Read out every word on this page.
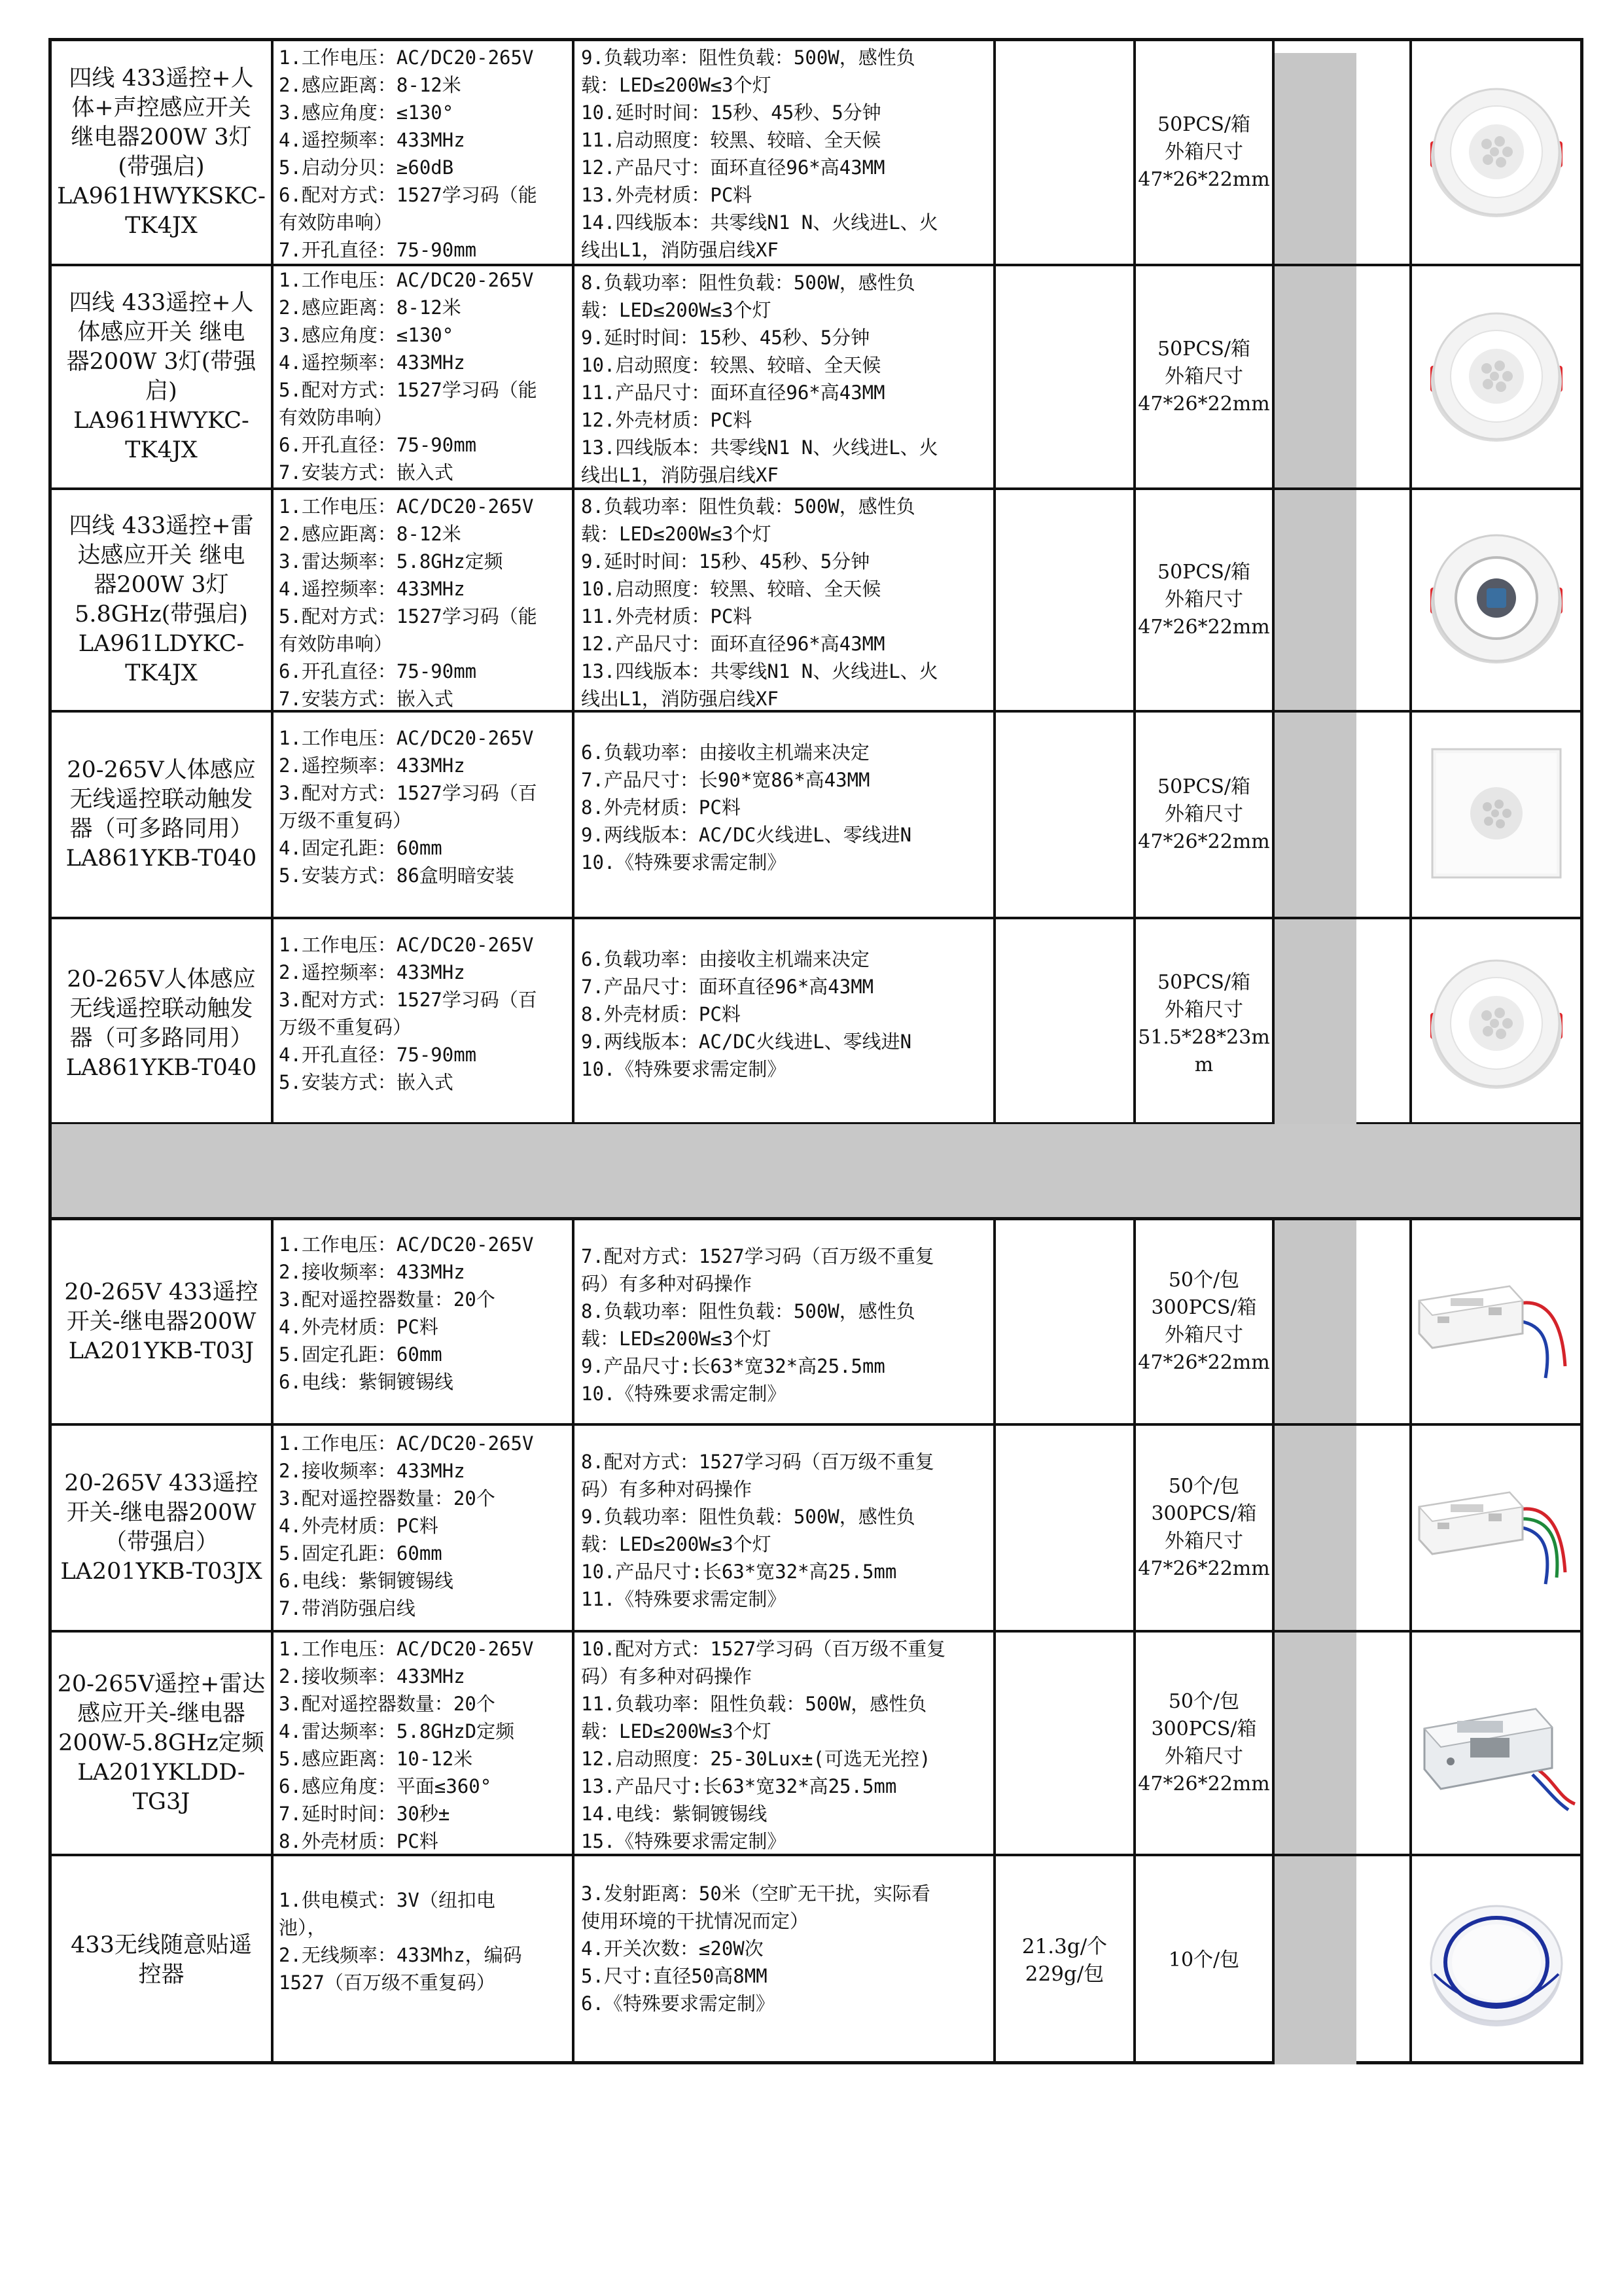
四线 433遥控+人
体+声控感应开关
继电器200W 3灯
(带强启)
LA961HWYKSKC-
TK4JX
1.工作电压：AC/DC20-265V
2.感应距离：8-12米
3.感应角度：≤130°
4.遥控频率：433MHz
5.启动分贝：≥60dB
6.配对方式：1527学习码（能
有效防串响）
7.开孔直径：75-90mm
9.负载功率：阻性负载：500W，感性负
载：LED≤200W≤3个灯
10.延时时间：15秒、45秒、5分钟
11.启动照度：较黑、较暗、全天候
12.产品尺寸：面环直径96*高43MM
13.外壳材质：PC料
14.四线版本：共零线N1 N、火线进L、火
线出L1，消防强启线XF
50PCS/箱
外箱尺寸
47*26*22mm
四线 433遥控+人
体感应开关 继电
器200W 3灯(带强
启)
LA961HWYKC-TK4JX
1.工作电压：AC/DC20-265V
2.感应距离：8-12米
3.感应角度：≤130°
4.遥控频率：433MHz
5.配对方式：1527学习码（能
有效防串响）
6.开孔直径：75-90mm
7.安装方式：嵌入式
8.负载功率：阻性负载：500W，感性负
载：LED≤200W≤3个灯
9.延时时间：15秒、45秒、5分钟
10.启动照度：较黑、较暗、全天候
11.产品尺寸：面环直径96*高43MM
12.外壳材质：PC料
13.四线版本：共零线N1 N、火线进L、火
线出L1，消防强启线XF
50PCS/箱
外箱尺寸
47*26*22mm
四线 433遥控+雷
达感应开关 继电
器200W 3灯
5.8GHz(带强启)
LA961LDYKC-TK4JX
1.工作电压：AC/DC20-265V
2.感应距离：8-12米
3.雷达频率：5.8GHz定频
4.遥控频率：433MHz
5.配对方式：1527学习码（能
有效防串响）
6.开孔直径：75-90mm
7.安装方式：嵌入式
8.负载功率：阻性负载：500W，感性负
载：LED≤200W≤3个灯
9.延时时间：15秒、45秒、5分钟
10.启动照度：较黑、较暗、全天候
11.外壳材质：PC料
12.产品尺寸：面环直径96*高43MM
13.四线版本：共零线N1 N、火线进L、火
线出L1，消防强启线XF
50PCS/箱
外箱尺寸
47*26*22mm
20-265V人体感应
无线遥控联动触发
器（可多路同用）
LA861YKB-T040
1.工作电压：AC/DC20-265V
2.遥控频率：433MHz
3.配对方式：1527学习码（百
万级不重复码）
4.固定孔距：60mm
5.安装方式：86盒明暗安装
6.负载功率：由接收主机端来决定
7.产品尺寸：长90*宽86*高43MM
8.外壳材质：PC料
9.两线版本：AC/DC火线进L、零线进N
10.《特殊要求需定制》
50PCS/箱
外箱尺寸
47*26*22mm
20-265V人体感应
无线遥控联动触发
器（可多路同用）
LA861YKB-T040
1.工作电压：AC/DC20-265V
2.遥控频率：433MHz
3.配对方式：1527学习码（百
万级不重复码）
4.开孔直径：75-90mm
5.安装方式：嵌入式
6.负载功率：由接收主机端来决定
7.产品尺寸：面环直径96*高43MM
8.外壳材质：PC料
9.两线版本：AC/DC火线进L、零线进N
10.《特殊要求需定制》
50PCS/箱
外箱尺寸
51.5*28*23m
m
20-265V 433遥控
开关-继电器200W
LA201YKB-T03J
1.工作电压：AC/DC20-265V
2.接收频率：433MHz
3.配对遥控器数量：20个
4.外壳材质：PC料
5.固定孔距：60mm
6.电线：紫铜镀锡线
7.配对方式：1527学习码（百万级不重复
码）有多种对码操作
8.负载功率：阻性负载：500W，感性负
载：LED≤200W≤3个灯
9.产品尺寸:长63*宽32*高25.5mm
10.《特殊要求需定制》
50个/包
300PCS/箱
外箱尺寸
47*26*22mm
20-265V 433遥控
开关-继电器200W
（带强启）
LA201YKB-T03JX
1.工作电压：AC/DC20-265V
2.接收频率：433MHz
3.配对遥控器数量：20个
4.外壳材质：PC料
5.固定孔距：60mm
6.电线：紫铜镀锡线
7.带消防强启线
8.配对方式：1527学习码（百万级不重复
码）有多种对码操作
9.负载功率：阻性负载：500W，感性负
载：LED≤200W≤3个灯
10.产品尺寸:长63*宽32*高25.5mm
11.《特殊要求需定制》
50个/包
300PCS/箱
外箱尺寸
47*26*22mm
20-265V遥控+雷达
感应开关-继电器
200W-5.8GHz定频
LA201YKLDD-TG3J
1.工作电压：AC/DC20-265V
2.接收频率：433MHz
3.配对遥控器数量：20个
4.雷达频率：5.8GHzD定频
5.感应距离：10-12米
6.感应角度：平面≤360°
7.延时时间：30秒±
8.外壳材质：PC料
10.配对方式：1527学习码（百万级不重复
码）有多种对码操作
11.负载功率：阻性负载：500W，感性负
载：LED≤200W≤3个灯
12.启动照度：25-30Lux±(可选无光控)
13.产品尺寸:长63*宽32*高25.5mm
14.电线：紫铜镀锡线
15.《特殊要求需定制》
50个/包
300PCS/箱
外箱尺寸
47*26*22mm
433无线随意贴遥
控器
1.供电模式：3V（纽扣电
池），
2.无线频率：433Mhz，编码
1527（百万级不重复码）
3.发射距离：50米（空旷无干扰，实际看
使用环境的干扰情况而定）
4.开关次数：≤20W次
5.尺寸:直径50高8MM
6.《特殊要求需定制》
21.3g/个
229g/包
10个/包
